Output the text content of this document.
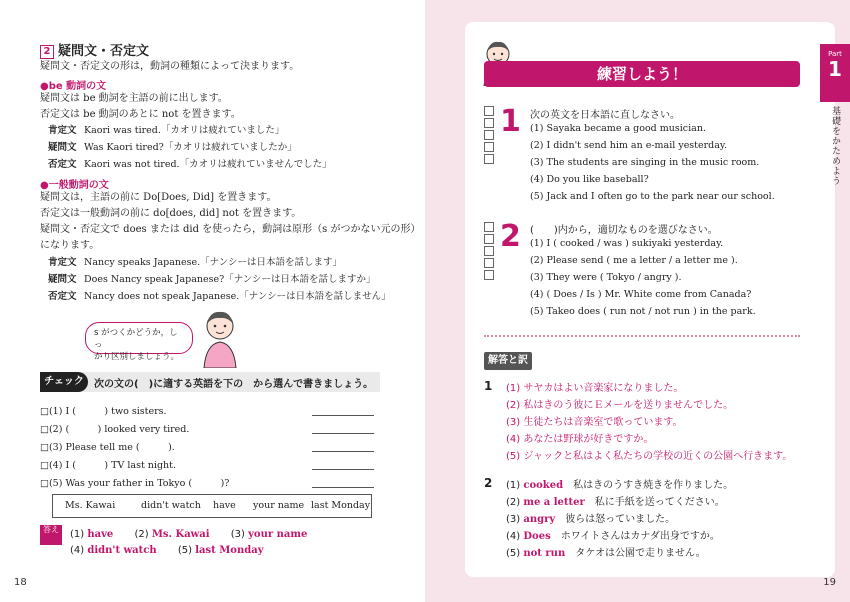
2 疑問文・否定文
疑問文・否定文の形は，動詞の種類によって決まります。
●be 動詞の文
疑問文は be 動詞を主語の前に出します。
否定文は be 動詞のあとに not を置きます。
肯定文 Kaori was tired.「カオリは疲れていました」
疑問文 Was Kaori tired?「カオリは疲れていましたか」
否定文 Kaori was not tired.「カオリは疲れていませんでした」
●一般動詞の文
疑問文は，主語の前に Do[Does, Did] を置きます。
否定文は一般動詞の前に do[does, did] not を置きます。
疑問文・否定文で does または did を使ったら，動詞は原形（s がつかない元の形）
になります。
肯定文 Nancy speaks Japanese.「ナンシーは日本語を話します」
疑問文 Does Nancy speak Japanese?「ナンシーは日本語を話しますか」
否定文 Nancy does not speak Japanese.「ナンシーは日本語を話しません」
s がつくかどうか，しっ
かり区別しましょう。
チェック	次の文の(　)に適する英語を下の　から選んで書きましょう。
□(1) I (　　　) two sisters.
□(2) (　　　) looked very tired.
□(3) Please tell me (　　　).
□(4) I (　　　) TV last night.
□(5) Was your father in Tokyo (　　　)?
Ms. Kawai	didn't watch have your name last Monday
答え	(1) have (2) Ms. Kawai (3) your name
(4) didn't watch (5) last Monday
18	19
練習しよう！
1 次の英文を日本語に直しなさい。
(1) Sayaka became a good musician.
(2) I didn't send him an e-mail yesterday.
(3) The students are singing in the music room.
(4) Do you like baseball?
(5) Jack and I often go to the park near our school.
2 (　　)内から，適切なものを選びなさい。
(1) I ( cooked / was ) sukiyaki yesterday.
(2) Please send ( me a letter / a letter me ).
(3) They were ( Tokyo / angry ).
(4) ( Does / Is ) Mr. White come from Canada?
(5) Takeo does ( run not / not run ) in the park.
解答と訳
1 (1) サヤカはよい音楽家になりました。
(2) 私はきのう彼にＥメールを送りませんでした。
(3) 生徒たちは音楽室で歌っています。
(4) あなたは野球が好きですか。
(5) ジャックと私はよく私たちの学校の近くの公園へ行きます。
2 (1) cooked　 私はきのうすき焼きを作りました。
(2) me a letter　 私に手紙を送ってください。
(3) angry　 彼らは怒っていました。
(4) Does　 ホワイトさんはカナダ出身ですか。
(5) not run　 タケオは公園で走りません。
Part
1
基礎をかためよう
